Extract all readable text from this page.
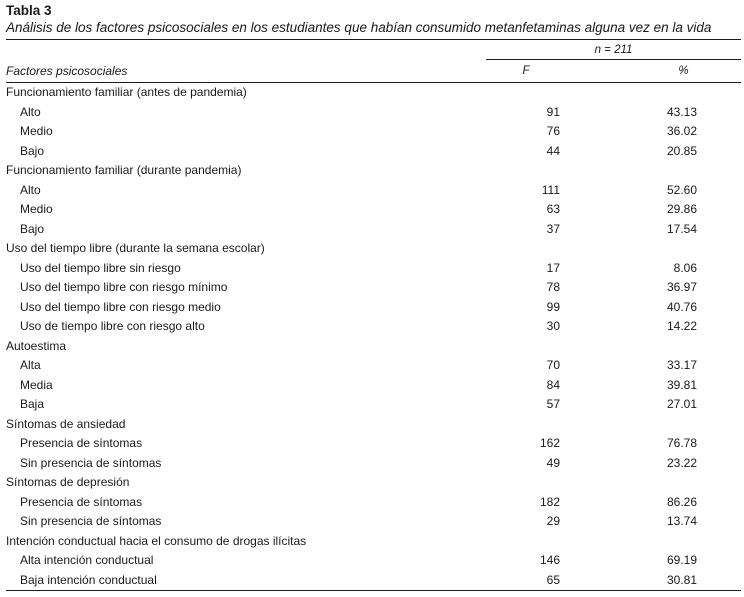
Tabla 3
Análisis de los factores psicosociales en los estudiantes que habían consumido metanfetaminas alguna vez en la vida
	n = 211		
Factores psicosociales	F		%
Funcionamiento familiar (antes de pandemia)			
Alto	91		43.13
Medio	76		36.02
Bajo	44		20.85
Funcionamiento familiar (durante pandemia)			
Alto	111		52.60
Medio	63		29.86
Bajo	37		17.54
Uso del tiempo libre (durante la semana escolar)			
Uso del tiempo libre sin riesgo	17		8.06
Uso del tiempo libre con riesgo mínimo	78		36.97
Uso del tiempo libre con riesgo medio	99		40.76
Uso de tiempo libre con riesgo alto	30		14.22
Autoestima			
Alta	70		33.17
Media	84		39.81
Baja	57		27.01
Síntomas de ansiedad			
Presencia de síntomas	162		76.78
Sin presencia de síntomas	49		23.22
Síntomas de depresión			
Presencia de síntomas	182		86.26
Sin presencia de síntomas	29		13.74
Intención conductual hacia el consumo de drogas ilícitas			
Alta intención conductual	146		69.19
Baja intención conductual	65		30.81
